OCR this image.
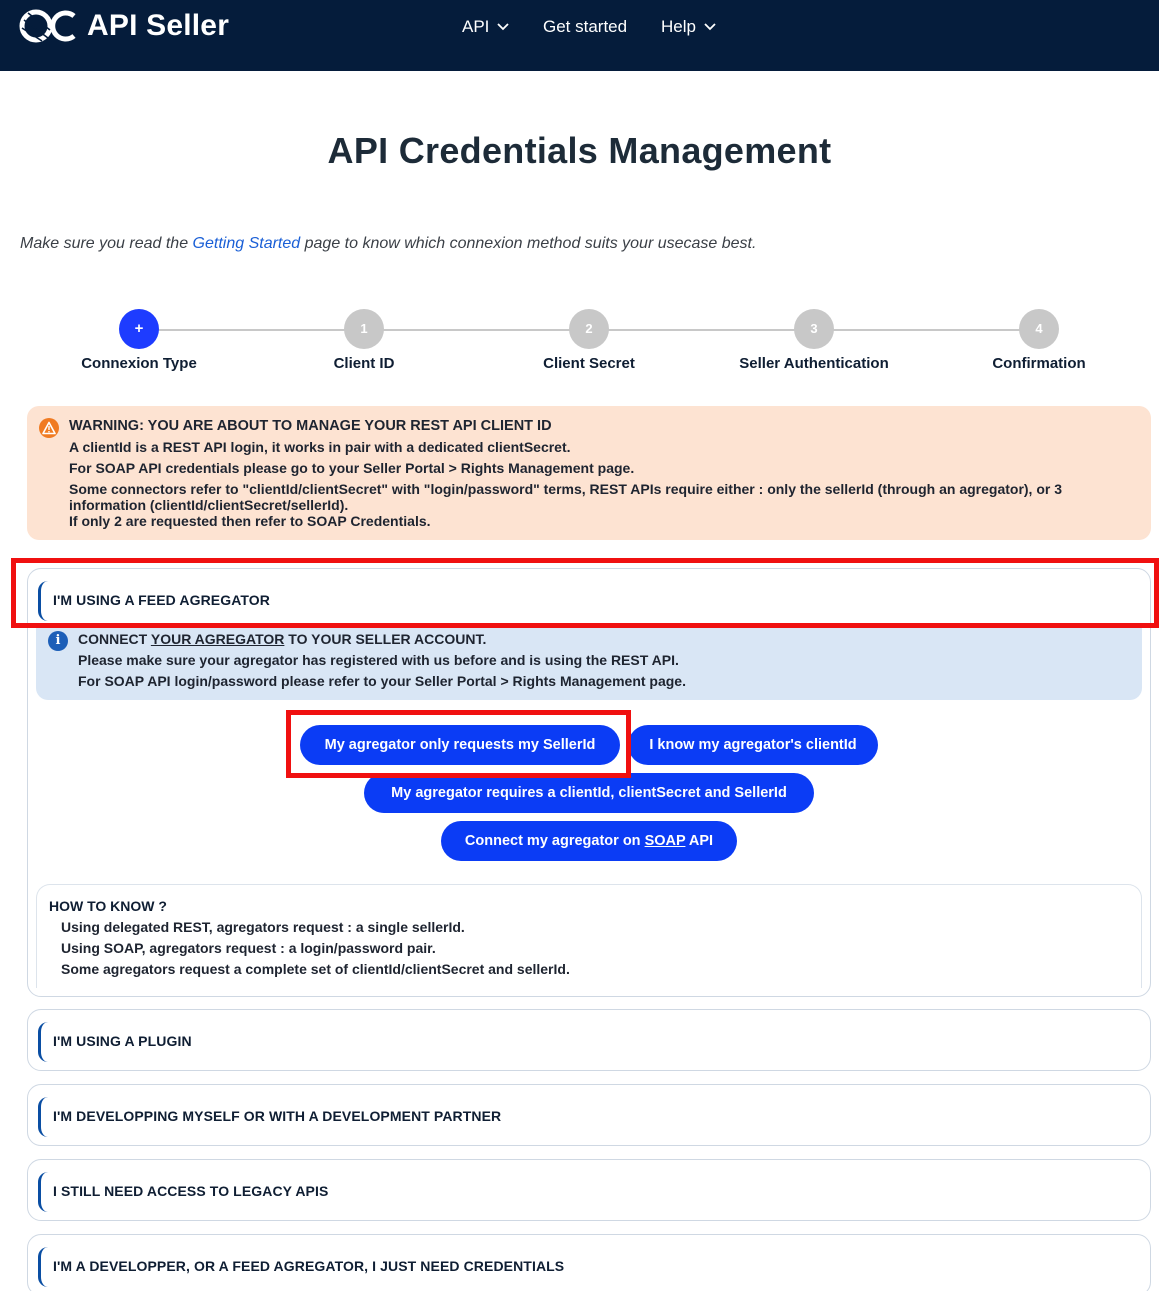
API Seller	API	Get started Help
API Credentials Management

Make sure you read the Getting Started page to know which connexion method suits your usecase best.

+
Connexion Type
1
Client ID
2
Client Secret
3
Seller Authentication
4
Confirmation
WARNING: YOU ARE ABOUT TO MANAGE YOUR REST API CLIENT ID
A clientId is a REST API login, it works in pair with a dedicated clientSecret.
For SOAP API credentials please go to your Seller Portal > Rights Management page.
Some connectors refer to "clientId/clientSecret" with "login/password" terms, REST APIs require either : only the sellerId (through an agregator), or 3
information (clientId/clientSecret/sellerId).
If only 2 are requested then refer to SOAP Credentials.
I'M USING A FEED AGREGATOR
i	CONNECT YOUR AGREGATOR TO YOUR SELLER ACCOUNT.
Please make sure your agregator has registered with us before and is using the REST API.
For SOAP API login/password please refer to your Seller Portal > Rights Management page.
My agregator only requests my SellerId	I know my agregator's clientId
My agregator requires a clientId, clientSecret and SellerId
Connect my agregator on SOAP API
HOW TO KNOW ?
Using delegated REST, agregators request : a single sellerId.
Using SOAP, agregators request : a login/password pair.
Some agregators request a complete set of clientId/clientSecret and sellerId.
I'M USING A PLUGIN
I'M DEVELOPPING MYSELF OR WITH A DEVELOPMENT PARTNER
I STILL NEED ACCESS TO LEGACY APIS
I'M A DEVELOPPER, OR A FEED AGREGATOR, I JUST NEED CREDENTIALS
